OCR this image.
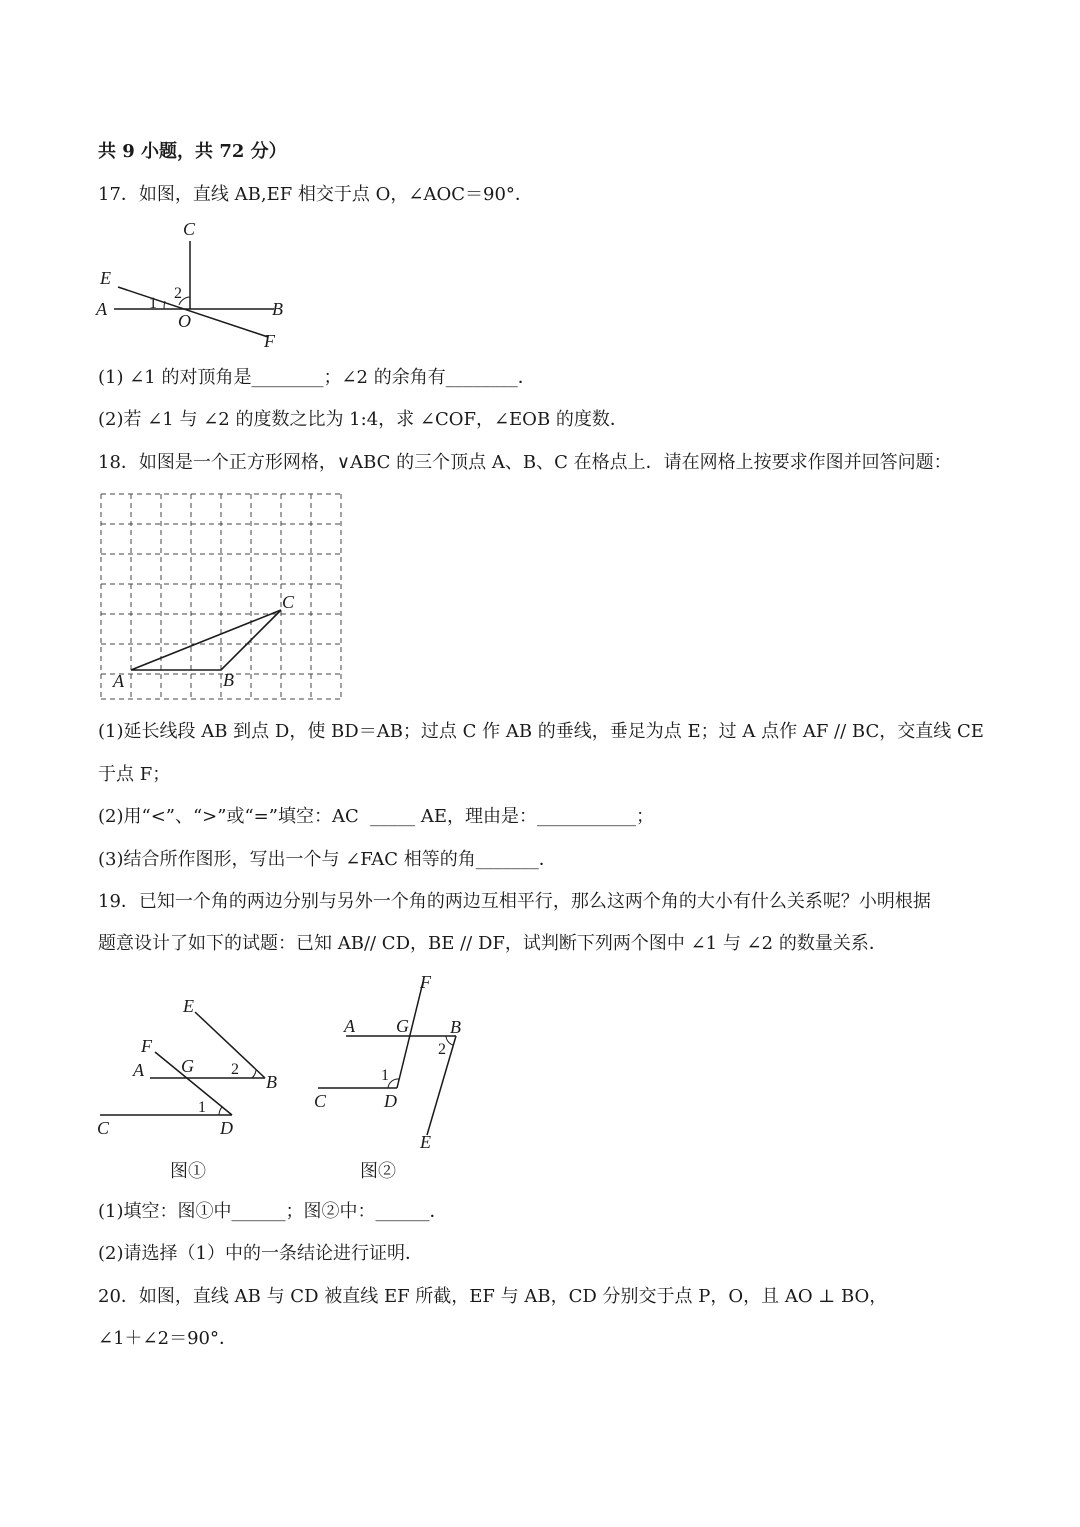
共 9 小题，共 72 分）
17．如图，直线 AB,EF 相交于点 O，∠AOC＝90°．
C
E
A	B
O
F
1
2
(1) ∠1 的对顶角是________；∠2 的余角有________．
(2)若 ∠1 与 ∠2 的度数之比为 1:4，求 ∠COF，∠EOB 的度数．
18．如图是一个正方形网格，∨ABC 的三个顶点 A、B、C 在格点上．请在网格上按要求作图并回答问题：
A	B
C
(1)延长线段 AB 到点 D，使 BD＝AB；过点 C 作 AB 的垂线，垂足为点 E；过 A 点作 AF // BC，交直线 CE
于点 F；
(2)用“<”、“>”或“=”填空：AC  _____ AE，理由是：___________；
(3)结合所作图形，写出一个与 ∠FAC 相等的角_______．
19．已知一个角的两边分别与另外一个角的两边互相平行，那么这两个角的大小有什么关系呢？小明根据
题意设计了如下的试题：已知 AB// CD，BE // DF，试判断下列两个图中 ∠1 与 ∠2 的数量关系．
E
F
A G 2
B
1
C	D
F
A G B
2
1
C	D
E
图①	图②
(1)填空：图①中______；图②中：______．
(2)请选择（1）中的一条结论进行证明．
20．如图，直线 AB 与 CD 被直线 EF 所截，EF 与 AB，CD 分别交于点 P，O，且 AO ⊥ BO，
∠1＋∠2＝90°．
